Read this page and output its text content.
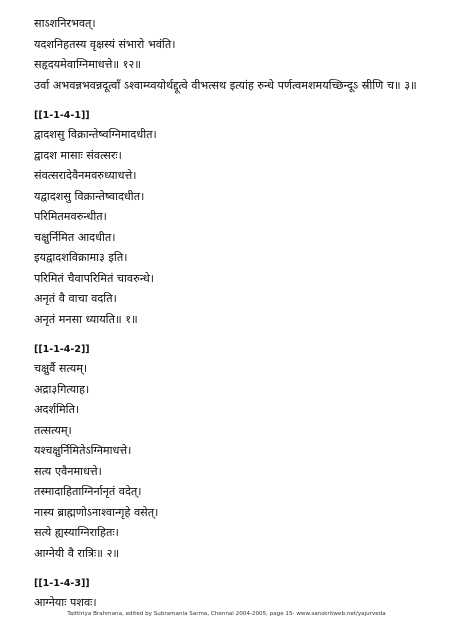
साऽशनिरभवत्।
यदशनिहतस्य वृक्षस्यं संभारो भवंति।
सहृदयमेवाग्निमाधत्ते॥ १२॥
उर्वा अभवन्नभवन्नदूत्वाँ ऽश्वाम्य्वयोर्थद्दूत्वे वीभत्सथ इत्यांह रुन्धे पर्णत्वमशमयच्छिन्दूऽ स्रीणि च॥ ३॥
[[1-1-4-1]]
द्वादशसु विक्रान्तेष्वग्निमादधीत।
द्वादश मासाः संवत्सरः।
संवत्सरादेवैनमवरुध्याधत्ते।
यद्वादशसु विक्रान्तेष्वादधीत।
परिमितमवरुन्धीत।
चक्षुर्निमित आदधीत।
इयद्वादशविक्रामा३ इति।
परिमितं चैवापरिमितं चावरुन्धे।
अनृतं वै वाचा वदति।
अनृतं मनसा ध्यायति॥ १॥
[[1-1-4-2]]
चक्षुर्वै सत्यम्।
अद्रा३गित्याह।
अदर्शमिति।
तत्सत्यम्।
यश्चक्षुर्निमितेऽग्निमाधत्ते।
सत्य एवैनमाधत्ते।
तस्मादाहिताग्निर्नानृतं वदेत्।
नास्य ब्राह्मणोऽनाश्वान्गृहे वसेत्।
सत्ये ह्यस्याग्निराहितः।
आग्नेयी वै रात्रिः॥ २॥
[[1-1-4-3]]
आग्नेयाः पशवः।
Taittiriya Brahmana, edited by Subramania Sarma, Chennai 2004-2005, page 15- www.sanskritweb.net/yajurveda
